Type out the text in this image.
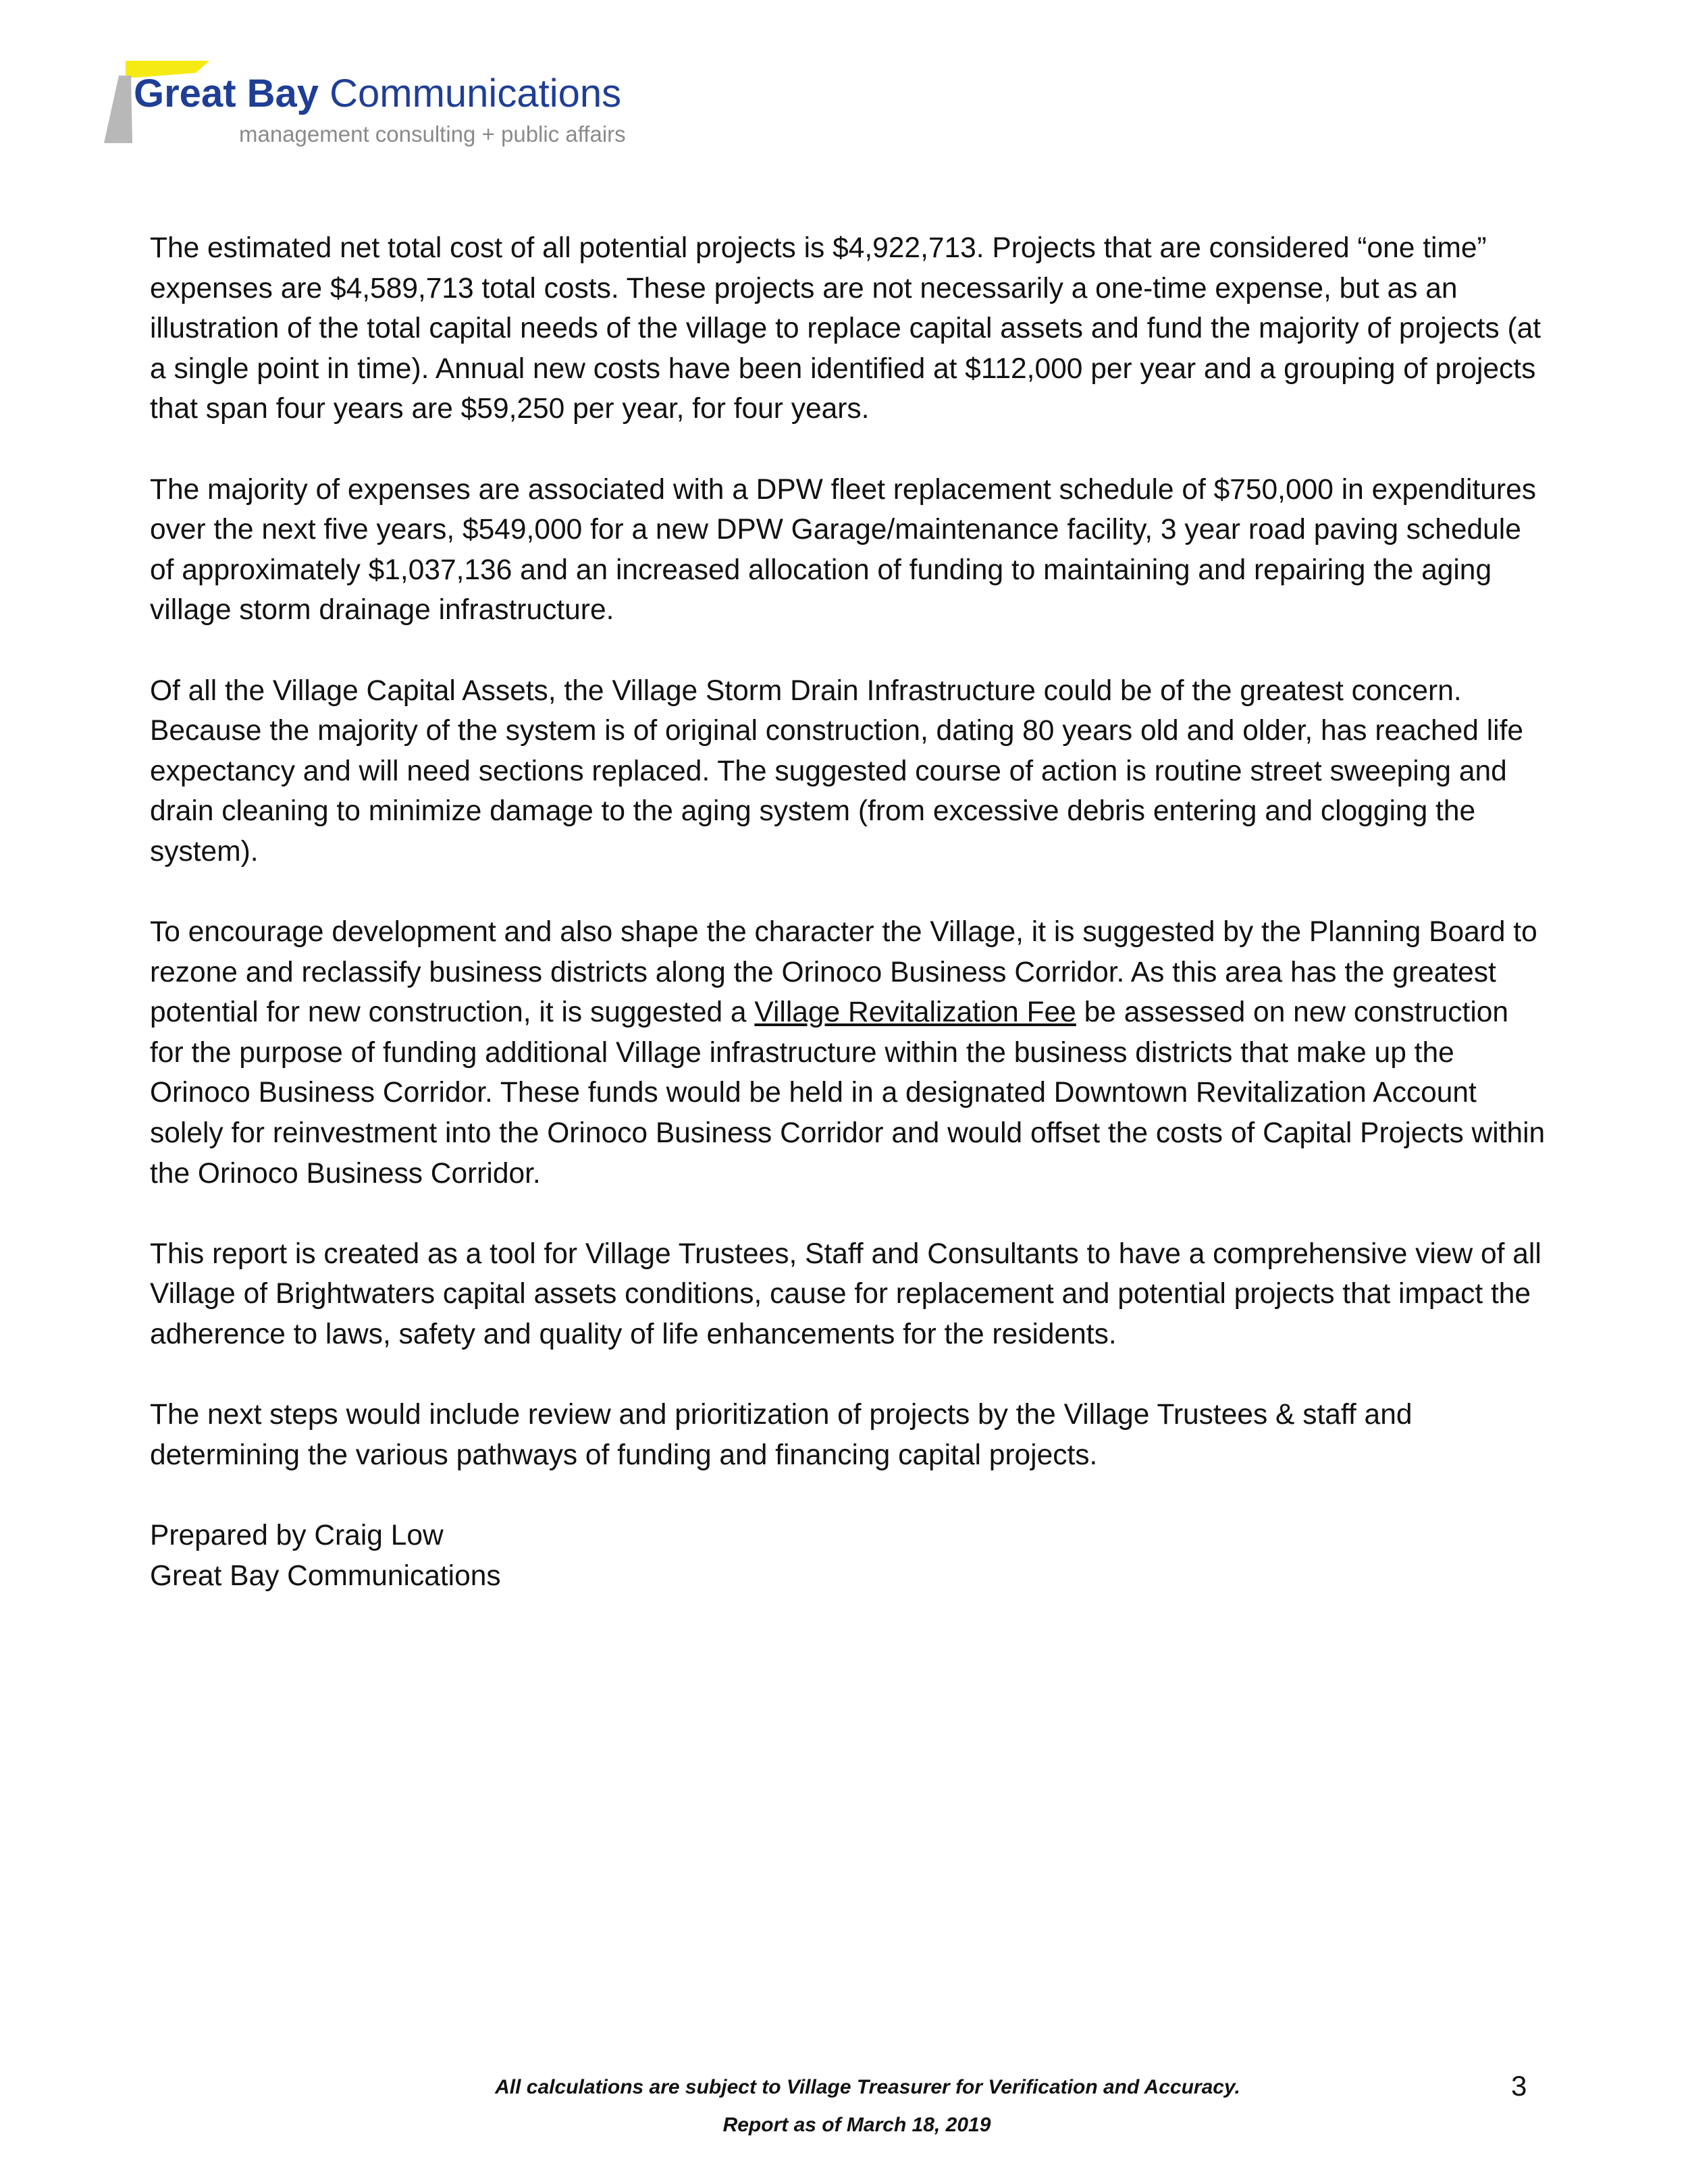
Great Bay Communications
management consulting + public affairs

The estimated net total cost of all potential projects is $4,922,713. Projects that are considered “one time” expenses are $4,589,713 total costs. These projects are not necessarily a one-time expense, but as an illustration of the total capital needs of the village to replace capital assets and fund the majority of projects (at a single point in time). Annual new costs have been identified at $112,000 per year and a grouping of projects that span four years are $59,250 per year, for four years.

The majority of expenses are associated with a DPW fleet replacement schedule of $750,000 in expenditures over the next five years, $549,000 for a new DPW Garage/maintenance facility, 3 year road paving schedule of approximately $1,037,136 and an increased allocation of funding to maintaining and repairing the aging village storm drainage infrastructure.

Of all the Village Capital Assets, the Village Storm Drain Infrastructure could be of the greatest concern. Because the majority of the system is of original construction, dating 80 years old and older, has reached life expectancy and will need sections replaced. The suggested course of action is routine street sweeping and drain cleaning to minimize damage to the aging system (from excessive debris entering and clogging the system).

To encourage development and also shape the character the Village, it is suggested by the Planning Board to rezone and reclassify business districts along the Orinoco Business Corridor. As this area has the greatest potential for new construction, it is suggested a Village Revitalization Fee be assessed on new construction for the purpose of funding additional Village infrastructure within the business districts that make up the Orinoco Business Corridor. These funds would be held in a designated Downtown Revitalization Account solely for reinvestment into the Orinoco Business Corridor and would offset the costs of Capital Projects within the Orinoco Business Corridor.

This report is created as a tool for Village Trustees, Staff and Consultants to have a comprehensive view of all Village of Brightwaters capital assets conditions, cause for replacement and potential projects that impact the adherence to laws, safety and quality of life enhancements for the residents.

The next steps would include review and prioritization of projects by the Village Trustees & staff and determining the various pathways of funding and financing capital projects.

Prepared by Craig Low
Great Bay Communications

All calculations are subject to Village Treasurer for Verification and Accuracy.
Report as of March 18, 2019
3
